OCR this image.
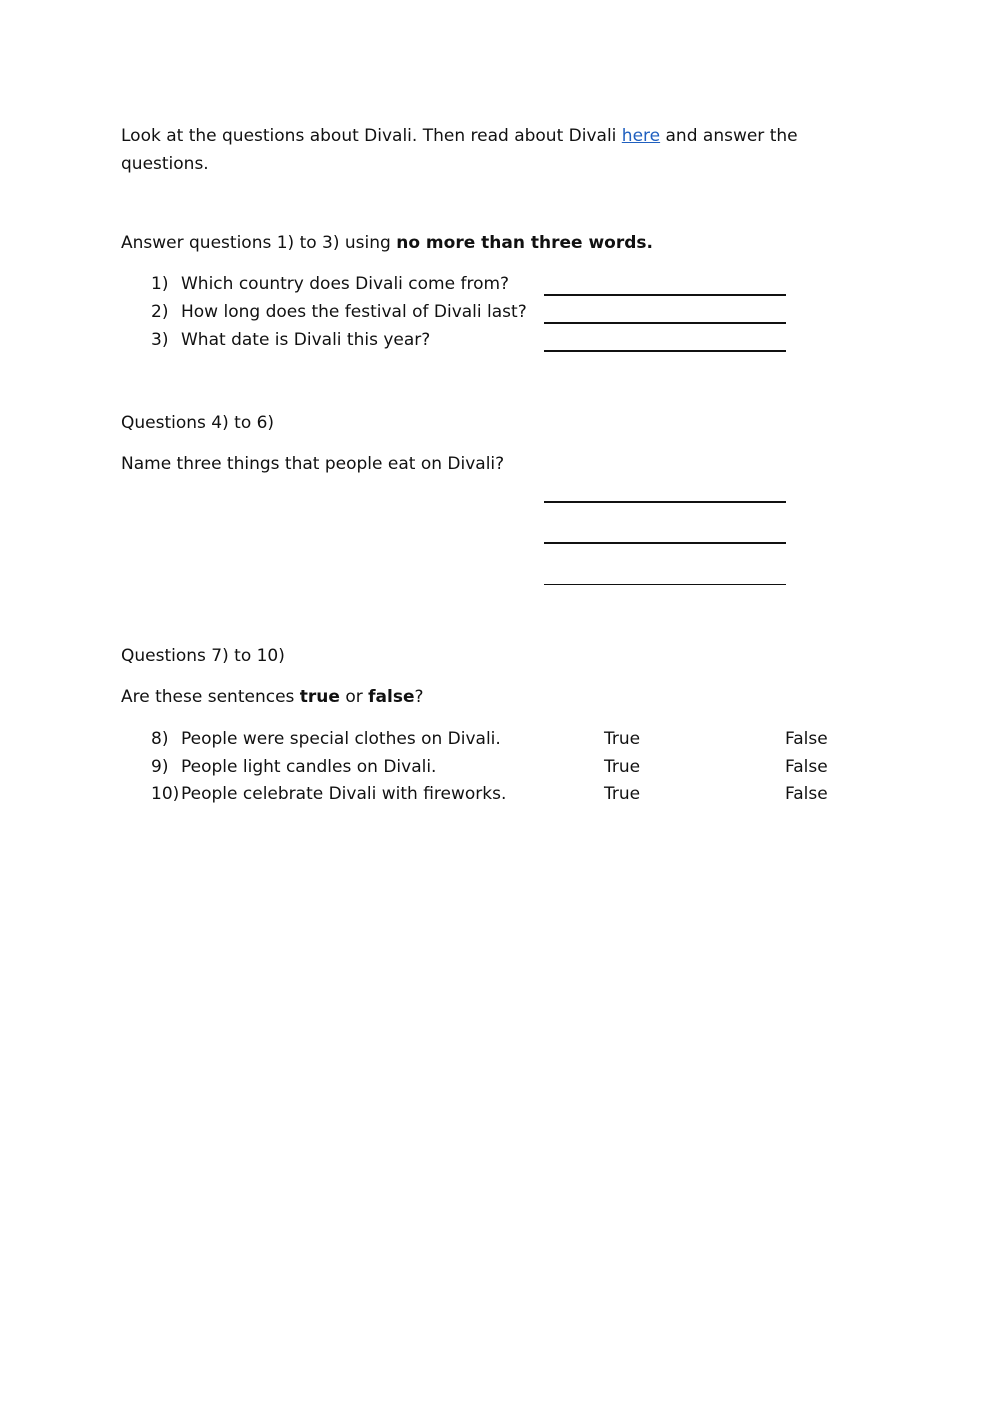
Look at the questions about Divali. Then read about Divali here and answer the questions.
Answer questions 1) to 3) using no more than three words.
1) Which country does Divali come from?
2) How long does the festival of Divali last?
3) What date is Divali this year?
Questions 4) to 6)
Name three things that people eat on Divali?
Questions 7) to 10)
Are these sentences true or false?
8) People were special clothes on Divali.	True	False
9) People light candles on Divali.	True	False
10) People celebrate Divali with fireworks.	True	False
